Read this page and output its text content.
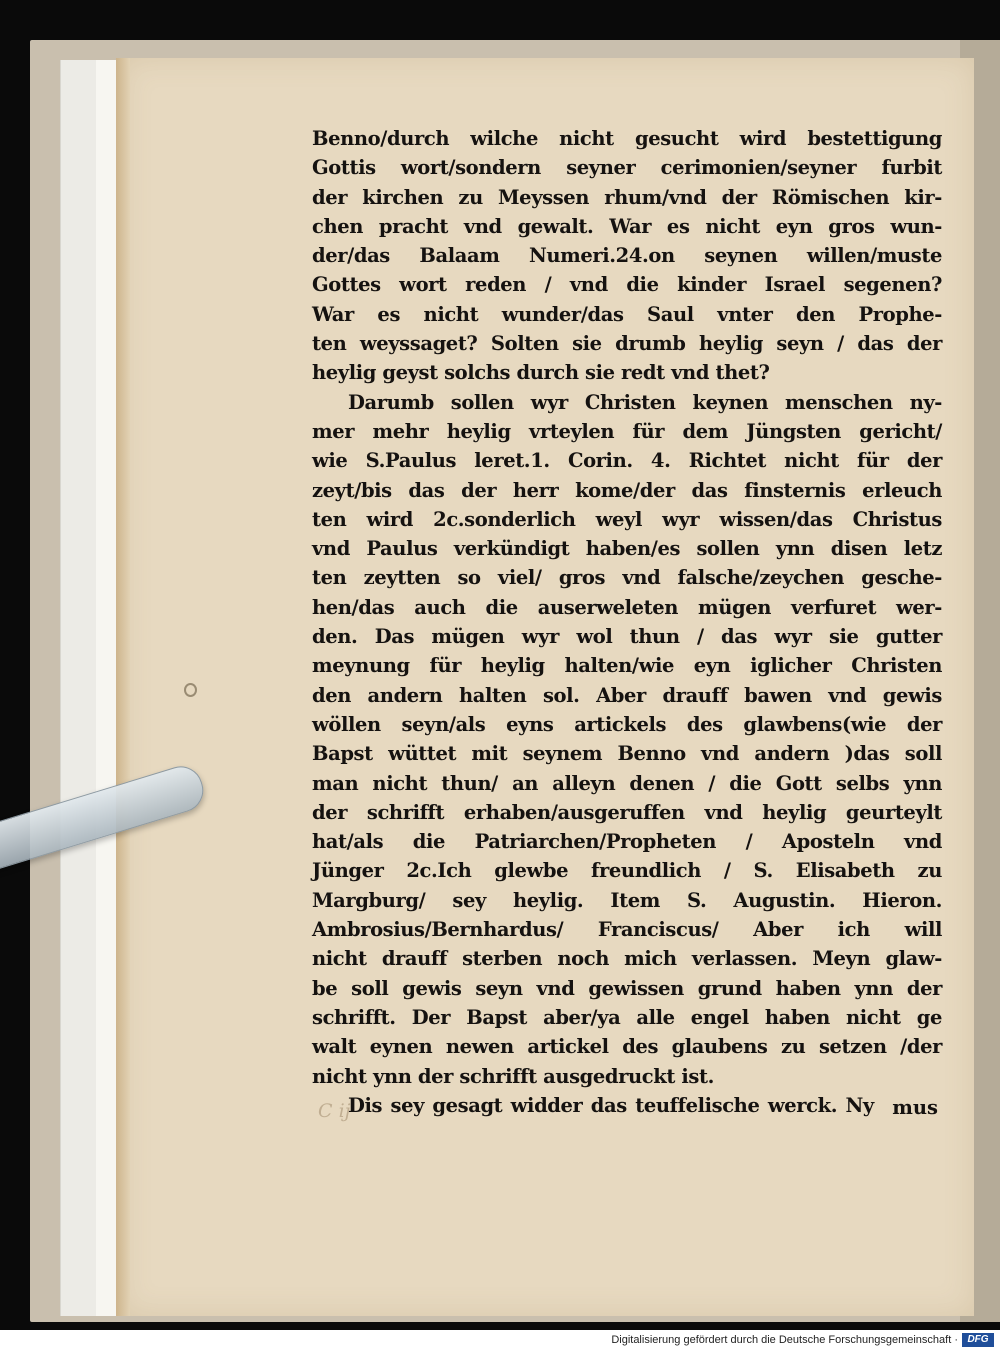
Benno/durch wilche nicht gesucht wird bestettigung
Gottis wort/sondern seyner cerimonien/seyner furbit
der kirchen zu Meyssen rhum/vnd der Römischen kir-
chen pracht vnd gewalt. War es nicht eyn gros wun-
der/das Balaam Numeri.24.on seynen willen/muste
Gottes wort reden / vnd die kinder Israel segenen?
War es nicht wunder/das Saul vnter den Prophe-
ten weyssaget? Solten sie drumb heylig seyn / das der
heylig geyst solchs durch sie redt vnd thet?
Darumb sollen wyr Christen keynen menschen ny-
mer mehr heylig vrteylen für dem Jüngsten gericht/
wie S.Paulus leret.1. Corin. 4. Richtet nicht für der
zeyt/bis das der herr kome/der das finsternis erleuch
ten wird 2c.sonderlich weyl wyr wissen/das Christus
vnd Paulus verkündigt haben/es sollen ynn disen letz
ten zeytten so viel/ gros vnd falsche/zeychen gesche-
hen/das auch die auserweleten mügen verfuret wer-
den. Das mügen wyr wol thun / das wyr sie gutter
meynung für heylig halten/wie eyn iglicher Christen
den andern halten sol. Aber drauff bawen vnd gewis
wöllen seyn/als eyns artickels des glawbens(wie der
Bapst wüttet mit seynem Benno vnd andern )das soll
man nicht thun/ an alleyn denen / die Gott selbs ynn
der schrifft erhaben/ausgeruffen vnd heylig geurteylt
hat/als die Patriarchen/Propheten / Aposteln vnd
Jünger 2c.Ich glewbe freundlich / S. Elisabeth zu
Margburg/ sey heylig. Item S. Augustin. Hieron.
Ambrosius/Bernhardus/ Franciscus/ Aber ich will
nicht drauff sterben noch mich verlassen. Meyn glaw-
be soll gewis seyn vnd gewissen grund haben ynn der
schrifft. Der Bapst aber/ya alle engel haben nicht ge
walt eynen newen artickel des glaubens zu setzen /der
nicht ynn der schrifft ausgedruckt ist.
Dis sey gesagt widder das teuffelische werck. Ny
C ij	mus
Digitalisierung gefördert durch die Deutsche Forschungsgemeinschaft · DFG
